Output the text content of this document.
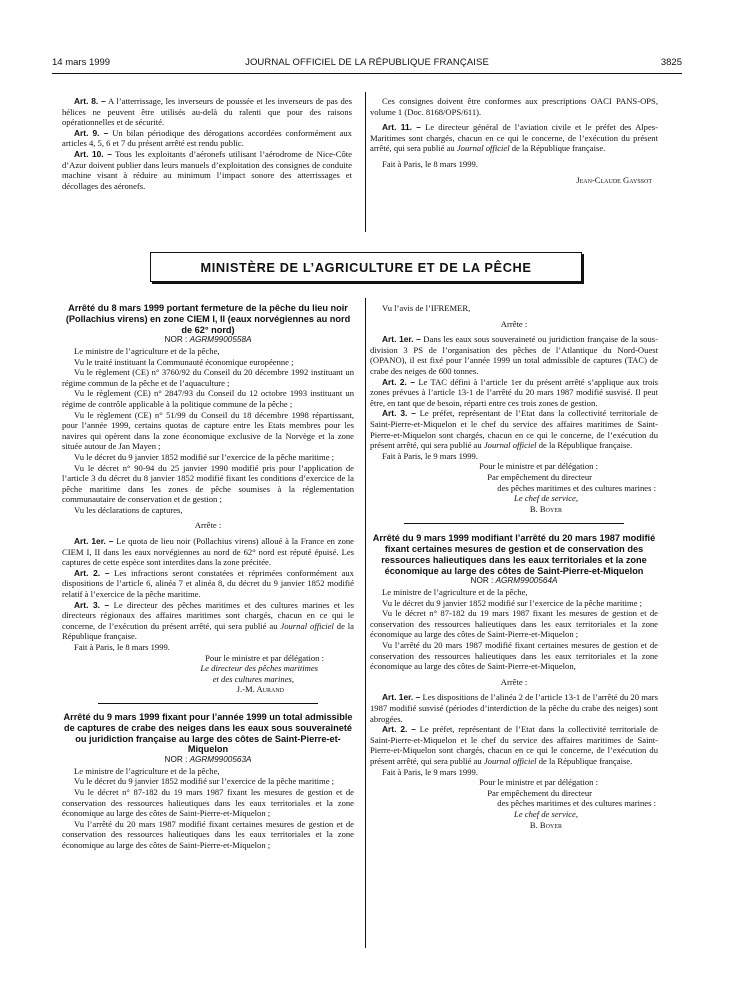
14 mars 1999	JOURNAL OFFICIEL DE LA RÉPUBLIQUE FRANÇAISE	3825

Art. 8. – A l’atterrissage, les inverseurs de poussée et les inverseurs de pas des hélices ne peuvent être utilisés au-delà du ralenti que pour des raisons opérationnelles et de sécurité.

Art. 9. – Un bilan périodique des dérogations accordées conformément aux articles 4, 5, 6 et 7 du présent arrêté est rendu public.

Art. 10. – Tous les exploitants d’aéronefs utilisant l’aérodrome de Nice-Côte d’Azur doivent publier dans leurs manuels d’exploitation des consignes de conduite machine visant à réduire au minimum l’impact sonore des atterrissages et décollages des aéronefs.

Ces consignes doivent être conformes aux prescriptions OACI PANS-OPS, volume 1 (Doc. 8168/OPS/611).

Art. 11. – Le directeur général de l’aviation civile et le préfet des Alpes-Maritimes sont chargés, chacun en ce qui le concerne, de l’exécution du présent arrêté, qui sera publié au Journal officiel de la République française.

Fait à Paris, le 8 mars 1999.

Jean-Claude Gayssot

MINISTÈRE DE L’AGRICULTURE ET DE LA PÊCHE

Arrêté du 8 mars 1999 portant fermeture de la pêche du lieu noir (Pollachius virens) en zone CIEM I, II (eaux norvégiennes au nord de 62° nord)

NOR : AGRM9900558A

Le ministre de l’agriculture et de la pêche,

Vu le traité instituant la Communauté économique européenne ;

Vu le règlement (CE) n° 3760/92 du Conseil du 20 décembre 1992 instituant un régime commun de la pêche et de l’aquaculture ;

Vu le règlement (CE) n° 2847/93 du Conseil du 12 octobre 1993 instituant un régime de contrôle applicable à la politique commune de la pêche ;

Vu le règlement (CE) n° 51/99 du Conseil du 18 décembre 1998 répartissant, pour l’année 1999, certains quotas de capture entre les Etats membres pour les navires qui opèrent dans la zone économique exclusive de la Norvège et la zone située autour de Jan Mayen ;

Vu le décret du 9 janvier 1852 modifié sur l’exercice de la pêche maritime ;

Vu le décret n° 90-94 du 25 janvier 1990 modifié pris pour l’application de l’article 3 du décret du 8 janvier 1852 modifié fixant les conditions d’exercice de la pêche maritime dans les zones de pêche soumises à la réglementation communautaire de conservation et de gestion ;

Vu les déclarations de captures,

Arrête :

Art. 1er. – Le quota de lieu noir (Pollachius virens) alloué à la France en zone CIEM I, II dans les eaux norvégiennes au nord de 62° nord est réputé épuisé. Les captures de cette espèce sont interdites dans la zone précitée.

Art. 2. – Les infractions seront constatées et réprimées conformément aux dispositions de l’article 6, alinéa 7 et alinéa 8, du décret du 9 janvier 1852 modifié relatif à l’exercice de la pêche maritime.

Art. 3. – Le directeur des pêches maritimes et des cultures marines et les directeurs régionaux des affaires maritimes sont chargés, chacun en ce qui le concerne, de l’exécution du présent arrêté, qui sera publié au Journal officiel de la République française.

Fait à Paris, le 8 mars 1999.

Pour le ministre et par délégation :

Le directeur des pêches maritimes

et des cultures marines,

J.-M. Aurand

Arrêté du 9 mars 1999 fixant pour l’année 1999 un total admissible de captures de crabe des neiges dans les eaux sous souveraineté ou juridiction française au large des côtes de Saint-Pierre-et-Miquelon

NOR : AGRM9900563A

Le ministre de l’agriculture et de la pêche,

Vu le décret du 9 janvier 1852 modifié sur l’exercice de la pêche maritime ;

Vu le décret n° 87-182 du 19 mars 1987 fixant les mesures de gestion et de conservation des ressources halieutiques dans les eaux territoriales et la zone économique au large des côtes de Saint-Pierre-et-Miquelon ;

Vu l’arrêté du 20 mars 1987 modifié fixant certaines mesures de gestion et de conservation des ressources halieutiques dans les eaux territoriales et la zone économique au large des côtes de Saint-Pierre-et-Miquelon ;

Vu l’avis de l’IFREMER,

Arrête :

Art. 1er. – Dans les eaux sous souveraineté ou juridiction française de la sous-division 3 PS de l’organisation des pêches de l’Atlantique du Nord-Ouest (OPANO), il est fixé pour l’année 1999 un total admissible de captures (TAC) de crabe des neiges de 600 tonnes.

Art. 2. – Le TAC défini à l’article 1er du présent arrêté s’applique aux trois zones prévues à l’article 13-1 de l’arrêté du 20 mars 1987 modifié susvisé. Il peut être, en tant que de besoin, réparti entre ces trois zones de gestion.

Art. 3. – Le préfet, représentant de l’Etat dans la collectivité territoriale de Saint-Pierre-et-Miquelon et le chef du service des affaires maritimes de Saint-Pierre-et-Miquelon sont chargés, chacun en ce qui le concerne, de l’exécution du présent arrêté, qui sera publié au Journal officiel de la République française.

Fait à Paris, le 9 mars 1999.

Pour le ministre et par délégation :

Par empêchement du directeur

des pêches maritimes et des cultures marines :

Le chef de service,

B. Boyer

Arrêté du 9 mars 1999 modifiant l’arrêté du 20 mars 1987 modifié fixant certaines mesures de gestion et de conservation des ressources halieutiques dans les eaux territoriales et la zone économique au large des côtes de Saint-Pierre-et-Miquelon

NOR : AGRM9900564A

Le ministre de l’agriculture et de la pêche,

Vu le décret du 9 janvier 1852 modifié sur l’exercice de la pêche maritime ;

Vu le décret n° 87-182 du 19 mars 1987 fixant les mesures de gestion et de conservation des ressources halieutiques dans les eaux territoriales et la zone économique au large des côtes de Saint-Pierre-et-Miquelon ;

Vu l’arrêté du 20 mars 1987 modifié fixant certaines mesures de gestion et de conservation des ressources halieutiques dans les eaux territoriales et la zone économique au large des côtes de Saint-Pierre-et-Miquelon,

Arrête :

Art. 1er. – Les dispositions de l’alinéa 2 de l’article 13-1 de l’arrêté du 20 mars 1987 modifié susvisé (périodes d’interdiction de la pêche du crabe des neiges) sont abrogées.

Art. 2. – Le préfet, représentant de l’Etat dans la collectivité territoriale de Saint-Pierre-et-Miquelon et le chef du service des affaires maritimes de Saint-Pierre-et-Miquelon sont chargés, chacun en ce qui le concerne, de l’exécution du présent arrêté, qui sera publié au Journal officiel de la République française.

Fait à Paris, le 9 mars 1999.

Pour le ministre et par délégation :

Par empêchement du directeur

des pêches maritimes et des cultures marines :

Le chef de service,

B. Boyer
